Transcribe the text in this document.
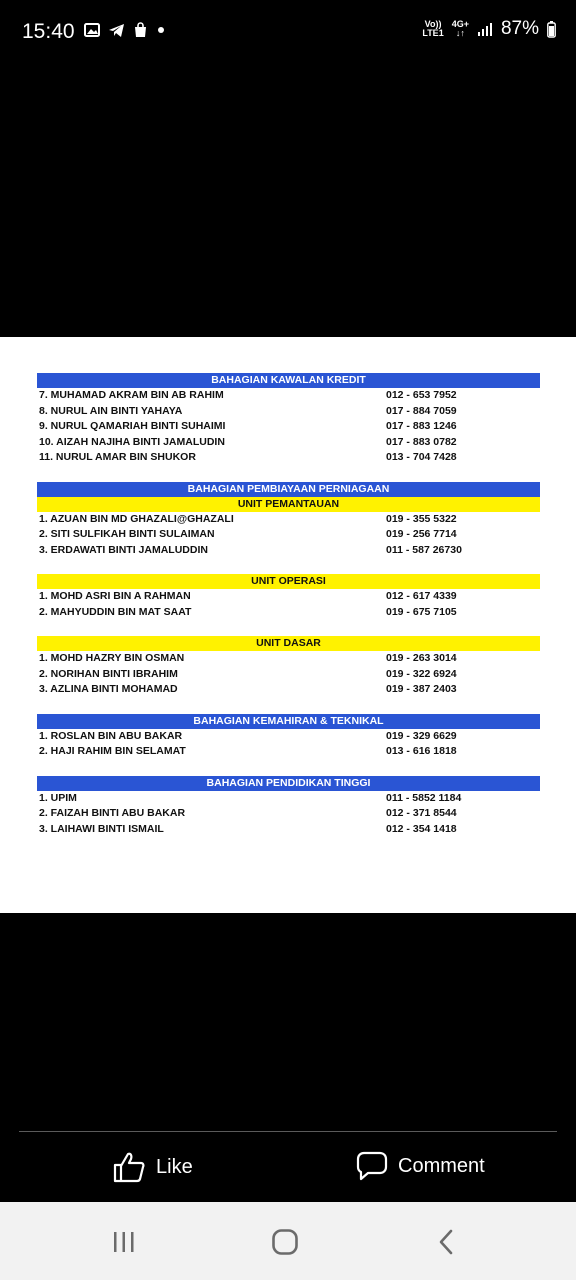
15:40	Vo))
LTE1
4G+
↓↑ 87%
BAHAGIAN KAWALAN KREDIT
7. MUHAMAD AKRAM BIN AB RAHIM	012 - 653 7952
8. NURUL AIN BINTI YAHAYA	017 - 884 7059
9. NURUL QAMARIAH BINTI SUHAIMI	017 - 883 1246
10. AIZAH NAJIHA BINTI JAMALUDIN	017 - 883 0782
11. NURUL AMAR BIN SHUKOR	013 - 704 7428
BAHAGIAN PEMBIAYAAN PERNIAGAAN
UNIT PEMANTAUAN
1. AZUAN BIN MD GHAZALI@GHAZALI	019 - 355 5322
2. SITI SULFIKAH BINTI SULAIMAN	019 - 256 7714
3. ERDAWATI BINTI JAMALUDDIN	011 - 587 26730
UNIT OPERASI
1. MOHD ASRI BIN A RAHMAN	012 - 617 4339
2. MAHYUDDIN BIN MAT SAAT	019 - 675 7105
UNIT DASAR
1. MOHD HAZRY BIN OSMAN	019 - 263 3014
2. NORIHAN BINTI IBRAHIM	019 - 322 6924
3. AZLINA BINTI MOHAMAD	019 - 387 2403
BAHAGIAN KEMAHIRAN & TEKNIKAL
1. ROSLAN BIN ABU BAKAR	019 - 329 6629
2. HAJI RAHIM BIN SELAMAT	013 - 616 1818
BAHAGIAN PENDIDIKAN TINGGI
1. UPIM	011 - 5852 1184
2. FAIZAH BINTI ABU BAKAR	012 - 371 8544
3. LAIHAWI BINTI ISMAIL	012 - 354 1418
Like	Comment
